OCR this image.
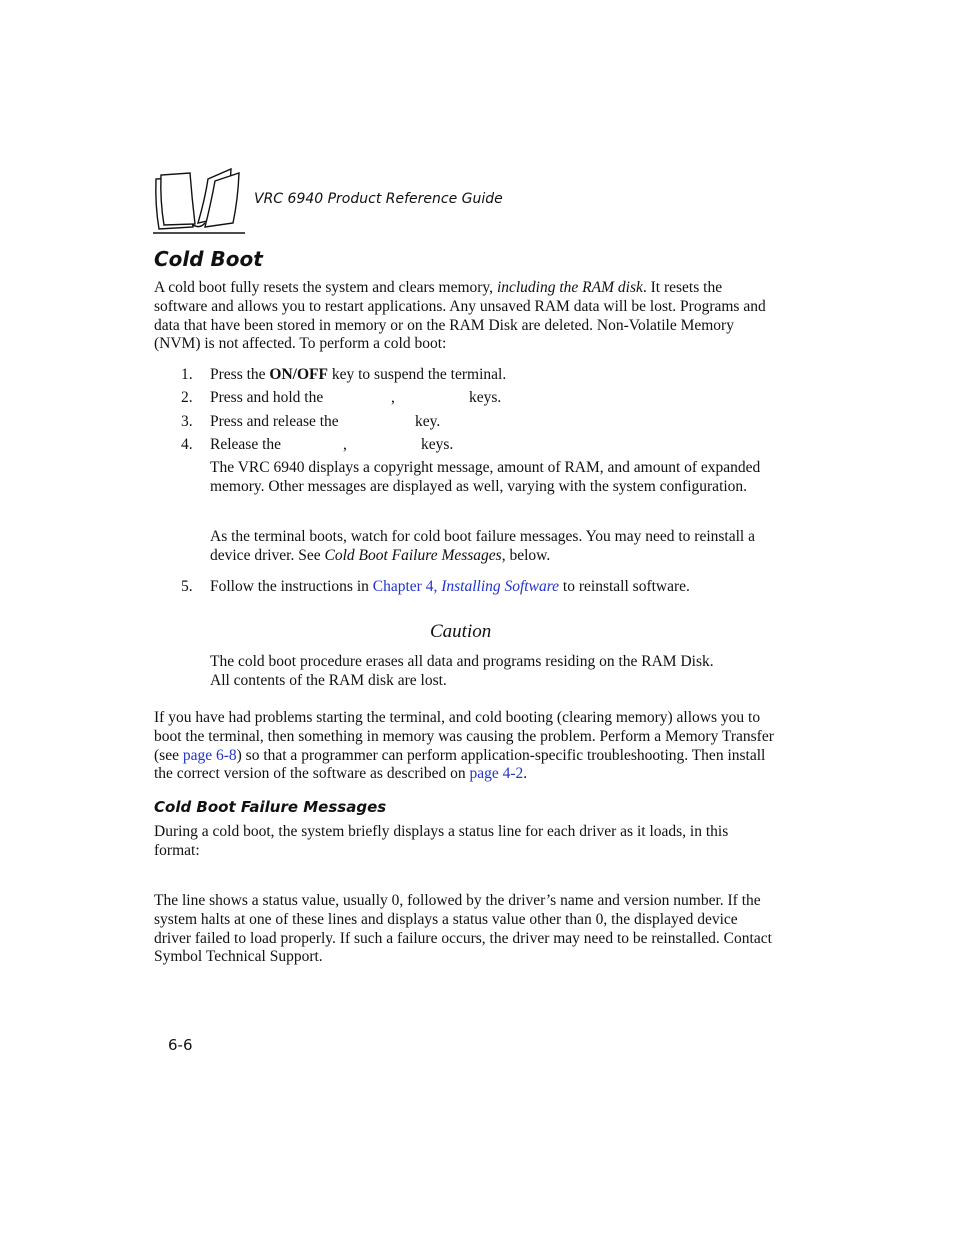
VRC 6940 Product Reference Guide
Cold Boot
A cold boot fully resets the system and clears memory, including the RAM disk. It resets the software and allows you to restart applications. Any unsaved RAM data will be lost. Programs and data that have been stored in memory or on the RAM Disk are deleted. Non-Volatile Memory (NVM) is not affected. To perform a cold boot:
1. Press the ON/OFF key to suspend the terminal.
2. Press and hold the	,	keys.
3. Press and release the	key.
4. Release the	,	keys.
The VRC 6940 displays a copyright message, amount of RAM, and amount of expanded memory. Other messages are displayed as well, varying with the system configuration.
As the terminal boots, watch for cold boot failure messages. You may need to reinstall a device driver. See Cold Boot Failure Messages, below.
5. Follow the instructions in Chapter 4, Installing Software to reinstall software.
Caution
The cold boot procedure erases all data and programs residing on the RAM Disk. All contents of the RAM disk are lost.
If you have had problems starting the terminal, and cold booting (clearing memory) allows you to boot the terminal, then something in memory was causing the problem. Perform a Memory Transfer (see page 6-8) so that a programmer can perform application-specific troubleshooting. Then install the correct version of the software as described on page 4-2.
Cold Boot Failure Messages
During a cold boot, the system briefly displays a status line for each driver as it loads, in this format:
The line shows a status value, usually 0, followed by the driver’s name and version number. If the system halts at one of these lines and displays a status value other than 0, the displayed device driver failed to load properly. If such a failure occurs, the driver may need to be reinstalled. Contact Symbol Technical Support.
6-6
